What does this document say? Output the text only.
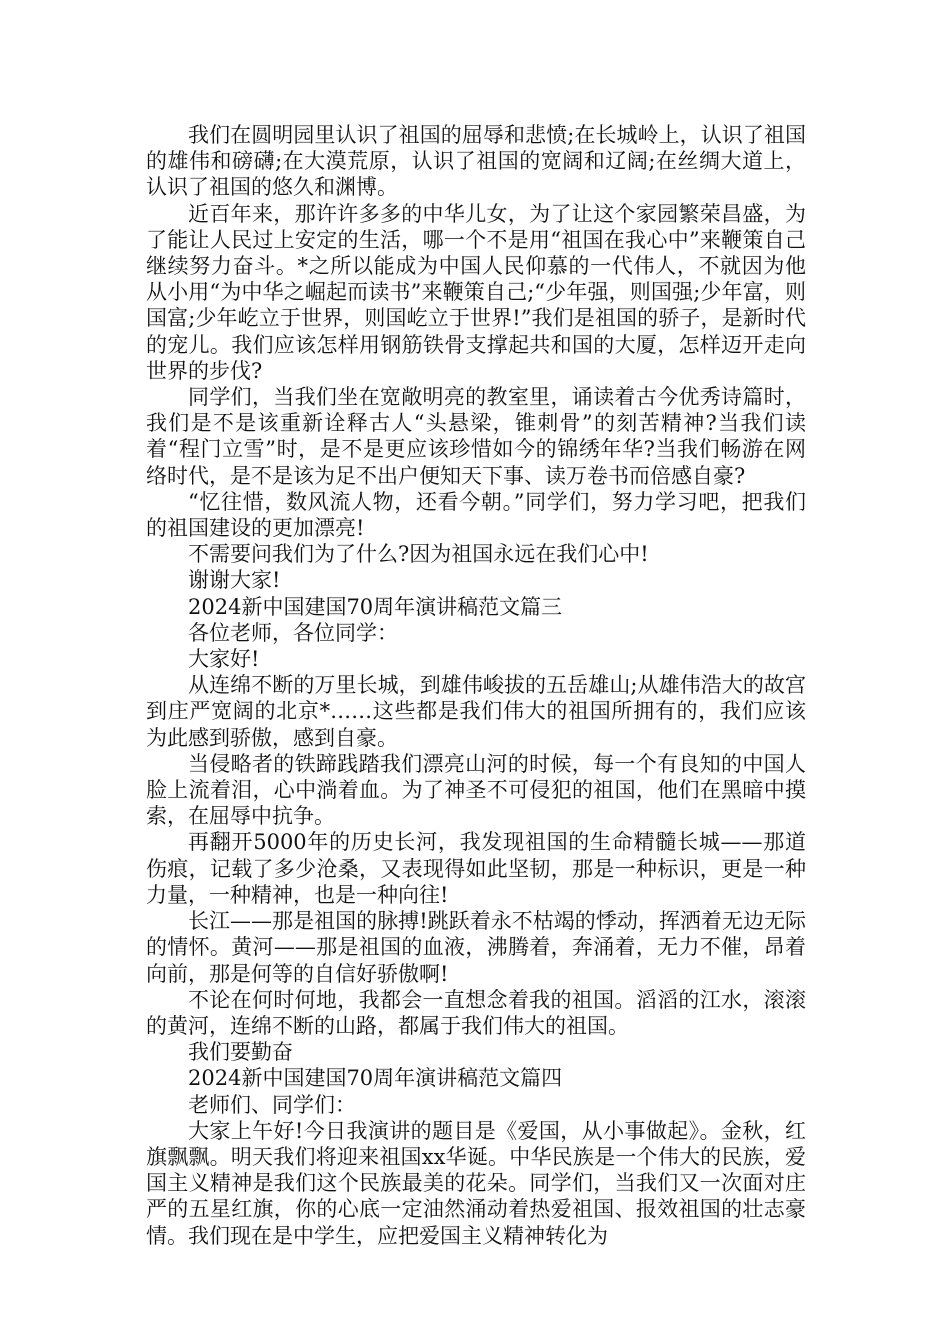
我们在圆明园里认识了祖国的屈辱和悲愤;在长城岭上，认识了祖国的雄伟和磅礴;在大漠荒原，认识了祖国的宽阔和辽阔;在丝绸大道上，认识了祖国的悠久和渊博。

近百年来，那许许多多的中华儿女，为了让这个家园繁荣昌盛，为了能让人民过上安定的生活，哪一个不是用“祖国在我心中”来鞭策自己继续努力奋斗。*之所以能成为中国人民仰慕的一代伟人，不就因为他从小用“为中华之崛起而读书”来鞭策自己;“少年强，则国强;少年富，则国富;少年屹立于世界，则国屹立于世界!”我们是祖国的骄子，是新时代的宠儿。我们应该怎样用钢筋铁骨支撑起共和国的大厦，怎样迈开走向世界的步伐?

同学们，当我们坐在宽敞明亮的教室里，诵读着古今优秀诗篇时，我们是不是该重新诠释古人“头悬梁，锥刺骨”的刻苦精神?当我们读着“程门立雪”时，是不是更应该珍惜如今的锦绣年华?当我们畅游在网络时代，是不是该为足不出户便知天下事、读万卷书而倍感自豪?

“忆往惜，数风流人物，还看今朝。”同学们，努力学习吧，把我们的祖国建设的更加漂亮!

不需要问我们为了什么?因为祖国永远在我们心中!

谢谢大家!

2024新中国建国70周年演讲稿范文篇三

各位老师，各位同学：

大家好!

从连绵不断的万里长城，到雄伟峻拔的五岳雄山;从雄伟浩大的故宫到庄严宽阔的北京*……这些都是我们伟大的祖国所拥有的，我们应该为此感到骄傲，感到自豪。

当侵略者的铁蹄践踏我们漂亮山河的时候，每一个有良知的中国人脸上流着泪，心中淌着血。为了神圣不可侵犯的祖国，他们在黑暗中摸索，在屈辱中抗争。

再翻开5000年的历史长河，我发现祖国的生命精髓长城——那道伤痕，记载了多少沧桑，又表现得如此坚韧，那是一种标识，更是一种力量，一种精神，也是一种向往!

长江——那是祖国的脉搏!跳跃着永不枯竭的悸动，挥洒着无边无际的情怀。黄河——那是祖国的血液，沸腾着，奔涌着，无力不催，昂着向前，那是何等的自信好骄傲啊!

不论在何时何地，我都会一直想念着我的祖国。滔滔的江水，滚滚的黄河，连绵不断的山路，都属于我们伟大的祖国。

我们要勤奋

2024新中国建国70周年演讲稿范文篇四

老师们、同学们：

大家上午好!今日我演讲的题目是《爱国，从小事做起》。金秋，红旗飘飘。明天我们将迎来祖国xx华诞。中华民族是一个伟大的民族，爱国主义精神是我们这个民族最美的花朵。同学们，当我们又一次面对庄严的五星红旗，你的心底一定油然涌动着热爱祖国、报效祖国的壮志豪情。我们现在是中学生，应把爱国主义精神转化为
